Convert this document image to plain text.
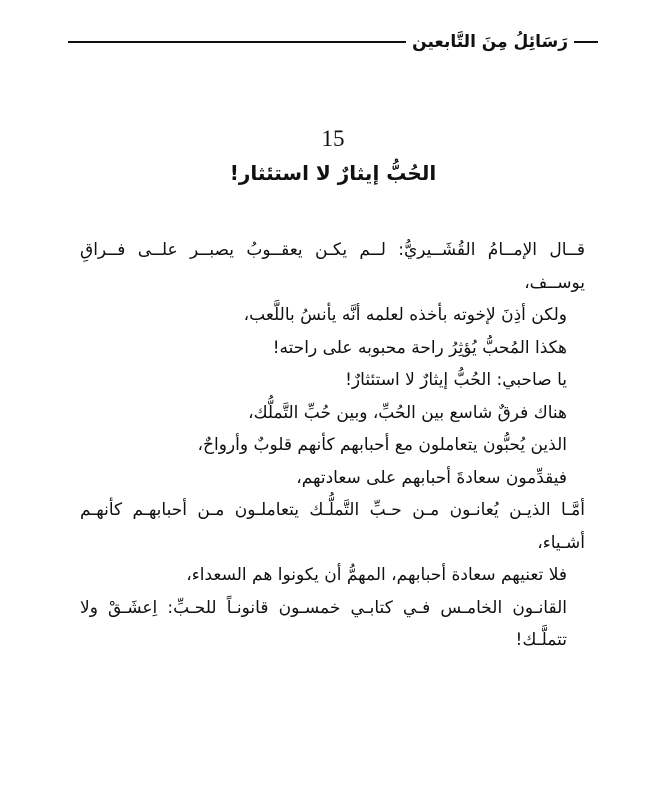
رَسَائِلُ مِنَ التَّابعين
15
الحُبُّ إيثارٌ لا استئثار!

قــال الإمــامُ القُشَــيريُّ: لــم يكـن يعقــوبُ يصبــر علــى فــراقِ يوســف،

ولكن أذِنَ لإخوته بأخذه لعلمه أنَّه يأنسُ باللَّعب،

هكذا المُحبُّ يُؤثِرُ راحة محبوبه على راحته!

يا صاحبي: الحُبُّ إيثارٌ لا استئثارٌ!

هناك فرقٌ شاسع بين الحُبِّ، وبين حُبِّ التَّملُّك،

الذين يُحبُّون يتعاملون مع أحبابهم كأنهم قلوبٌ وأرواحٌ،

فيقدِّمون سعادةَ أحبابهم على سعادتهم،

أمَّـا الذيـن يُعانـون مـن حـبِّ التَّملُّـك يتعاملـون مـن أحبابهـم كأنهـم أشـياء،

فلا تعنيهم سعادة أحبابهم، المهمُّ أن يكونوا هم السعداء،

القانـون الخامـس فـي كتابـي خمسـون قانونـاً للحـبِّ: اِعشَـقْ ولا تتملَّـك!
